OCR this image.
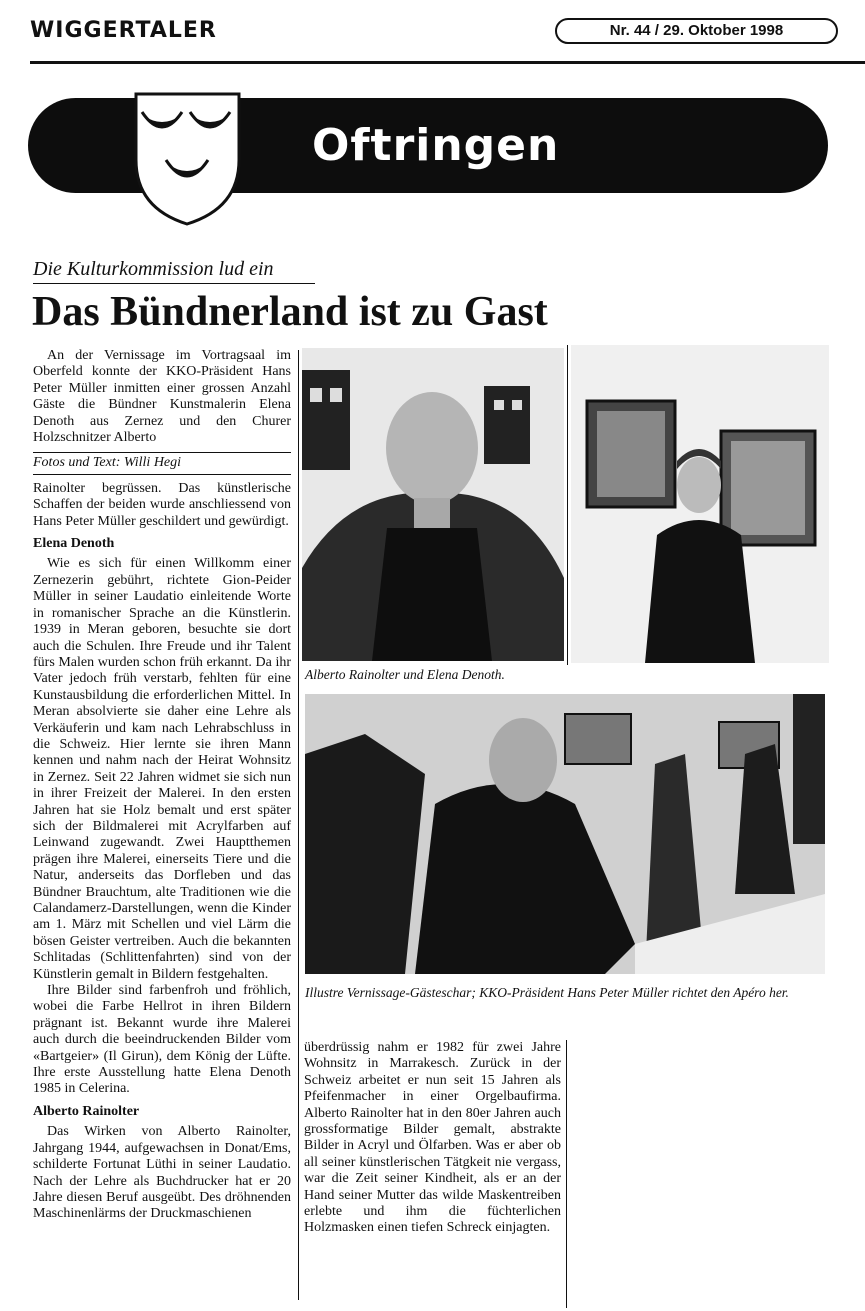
WIGGERTALER	Nr. 44 / 29. Oktober 1998
Oftringen
Die Kulturkommission lud ein
Das Bündnerland ist zu Gast

An der Vernissage im Vortragsaal im Oberfeld konnte der KKO-Präsident Hans Peter Müller inmitten einer grossen Anzahl Gäste die Bündner Kunstmalerin Elena Denoth aus Zernez und den Churer Holzschnitzer Alberto

Fotos und Text: Willi Hegi

Rainolter begrüssen. Das künstlerische Schaffen der beiden wurde anschliessend von Hans Peter Müller geschildert und gewürdigt.

Elena Denoth

Wie es sich für einen Willkomm einer Zernezerin gebührt, richtete Gion-Peider Müller in seiner Laudatio einleitende Worte in romanischer Sprache an die Künstlerin. 1939 in Meran geboren, besuchte sie dort auch die Schulen. Ihre Freude und ihr Talent fürs Malen wurden schon früh erkannt. Da ihr Vater jedoch früh verstarb, fehlten für eine Kunstausbildung die erforderlichen Mittel. In Meran absolvierte sie daher eine Lehre als Verkäuferin und kam nach Lehrabschluss in die Schweiz. Hier lernte sie ihren Mann kennen und nahm nach der Heirat Wohnsitz in Zernez. Seit 22 Jahren widmet sie sich nun in ihrer Freizeit der Malerei. In den ersten Jahren hat sie Holz bemalt und erst später sich der Bildmalerei mit Acrylfarben auf Leinwand zugewandt. Zwei Hauptthemen prägen ihre Malerei, einerseits Tiere und die Natur, anderseits das Dorfleben und das Bündner Brauchtum, alte Traditionen wie die Calandamerz-Darstellungen, wenn die Kinder am 1. März mit Schellen und viel Lärm die bösen Geister vertreiben. Auch die bekannten Schlitadas (Schlittenfahrten) sind von der Künstlerin gemalt in Bildern festgehalten.

Ihre Bilder sind farbenfroh und fröhlich, wobei die Farbe Hellrot in ihren Bildern prägnant ist. Bekannt wurde ihre Malerei auch durch die beeindruckenden Bilder vom «Bartgeier» (Il Girun), dem König der Lüfte. Ihre erste Ausstellung hatte Elena Denoth 1985 in Celerina.

Alberto Rainolter

Das Wirken von Alberto Rainolter, Jahrgang 1944, aufgewachsen in Donat/Ems, schilderte Fortunat Lüthi in seiner Laudatio. Nach der Lehre als Buchdrucker hat er 20 Jahre diesen Beruf ausgeübt. Des dröhnenden Maschinenlärms der Druckmaschienen

Alberto Rainolter und Elena Denoth.
Illustre Vernissage-Gästeschar; KKO-Präsident Hans Peter Müller richtet den Apéro her.

überdrüssig nahm er 1982 für zwei Jahre Wohnsitz in Marrakesch. Zurück in der Schweiz arbeitet er nun seit 15 Jahren als Pfeifenmacher in einer Orgelbaufirma. Alberto Rainolter hat in den 80er Jahren auch grossformatige Bilder gemalt, abstrakte Bilder in Acryl und Ölfarben. Was er aber ob all seiner künstlerischen Tätgkeit nie vergass, war die Zeit seiner Kindheit, als er an der Hand seiner Mutter das wilde Maskentreiben erlebte und ihm die füchterlichen Holzmasken einen tiefen Schreck einjagten.
